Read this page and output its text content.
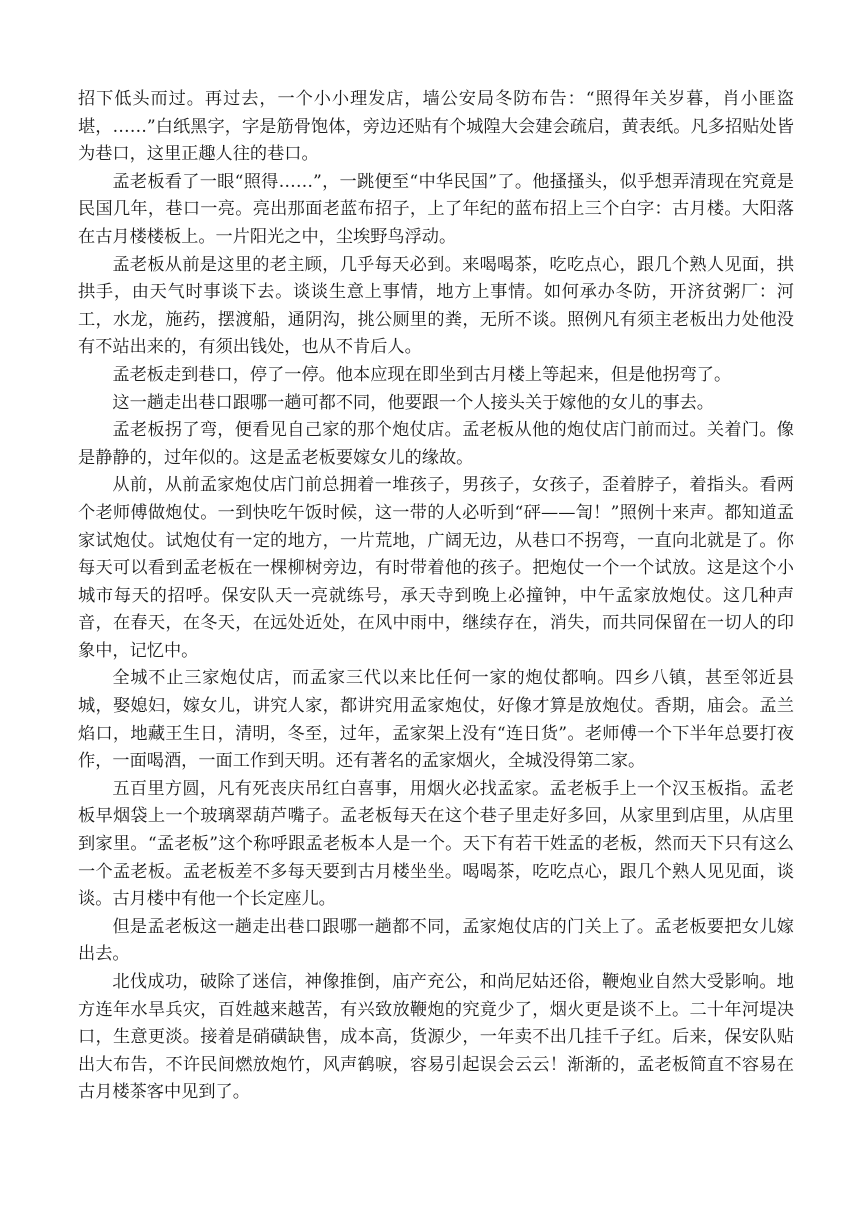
招下低头而过。再过去，一个小小理发店，墙公安局冬防布告：“照得年关岁暮，肖小匪盗堪，……”白纸黑字，字是筋骨饱体，旁边还贴有个城隍大会建会疏启，黄表纸。凡多招贴处皆为巷口，这里正趣人往的巷口。

孟老板看了一眼“照得……”，一跳便至“中华民国”了。他搔搔头，似乎想弄清现在究竟是民国几年，巷口一亮。亮出那面老蓝布招子，上了年纪的蓝布招上三个白字：古月楼。大阳落在古月楼楼板上。一片阳光之中，尘埃野鸟浮动。

孟老板从前是这里的老主顾，几乎每天必到。来喝喝茶，吃吃点心，跟几个熟人见面，拱拱手，由天气时事谈下去。谈谈生意上事情，地方上事情。如何承办冬防，开济贫粥厂：河工，水龙，施药，摆渡船，通阴沟，挑公厕里的粪，无所不谈。照例凡有须主老板出力处他没有不站出来的，有须出钱处，也从不肯后人。

孟老板走到巷口，停了一停。他本应现在即坐到古月楼上等起来，但是他拐弯了。

这一趟走出巷口跟哪一趟可都不同，他要跟一个人接头关于嫁他的女儿的事去。

孟老板拐了弯，便看见自己家的那个炮仗店。孟老板从他的炮仗店门前而过。关着门。像是静静的，过年似的。这是孟老板要嫁女儿的缘故。

从前，从前孟家炮仗店门前总拥着一堆孩子，男孩子，女孩子，歪着脖子，着指头。看两个老师傅做炮仗。一到快吃午饭时候，这一带的人必听到“砰——訇！”照例十来声。都知道孟家试炮仗。试炮仗有一定的地方，一片荒地，广阔无边，从巷口不拐弯，一直向北就是了。你每天可以看到孟老板在一棵柳树旁边，有时带着他的孩子。把炮仗一个一个试放。这是这个小城市每天的招呼。保安队天一亮就练号，承天寺到晚上必撞钟，中午孟家放炮仗。这几种声音，在春天，在冬天，在远处近处，在风中雨中，继续存在，消失，而共同保留在一切人的印象中，记忆中。

全城不止三家炮仗店，而孟家三代以来比任何一家的炮仗都响。四乡八镇，甚至邻近县城，娶媳妇，嫁女儿，讲究人家，都讲究用孟家炮仗，好像才算是放炮仗。香期，庙会。孟兰焰口，地藏王生日，清明，冬至，过年，孟家架上没有“连日货”。老师傅一个下半年总要打夜作，一面喝酒，一面工作到天明。还有著名的孟家烟火，全城没得第二家。

五百里方圆，凡有死丧庆吊红白喜事，用烟火必找孟家。孟老板手上一个汉玉板指。孟老板早烟袋上一个玻璃翠葫芦嘴子。孟老板每天在这个巷子里走好多回，从家里到店里，从店里到家里。“孟老板”这个称呼跟孟老板本人是一个。天下有若干姓孟的老板，然而天下只有这么一个孟老板。孟老板差不多每天要到古月楼坐坐。喝喝茶，吃吃点心，跟几个熟人见见面，谈谈。古月楼中有他一个长定座儿。

但是孟老板这一趟走出巷口跟哪一趟都不同，孟家炮仗店的门关上了。孟老板要把女儿嫁出去。

北伐成功，破除了迷信，神像推倒，庙产充公，和尚尼姑还俗，鞭炮业自然大受影响。地方连年水旱兵灾，百姓越来越苦，有兴致放鞭炮的究竟少了，烟火更是谈不上。二十年河堤决口，生意更淡。接着是硝磺缺售，成本高，货源少，一年卖不出几挂千子红。后来，保安队贴出大布告，不许民间燃放炮竹，风声鹤唳，容易引起误会云云！渐渐的，孟老板简直不容易在古月楼茶客中见到了。
